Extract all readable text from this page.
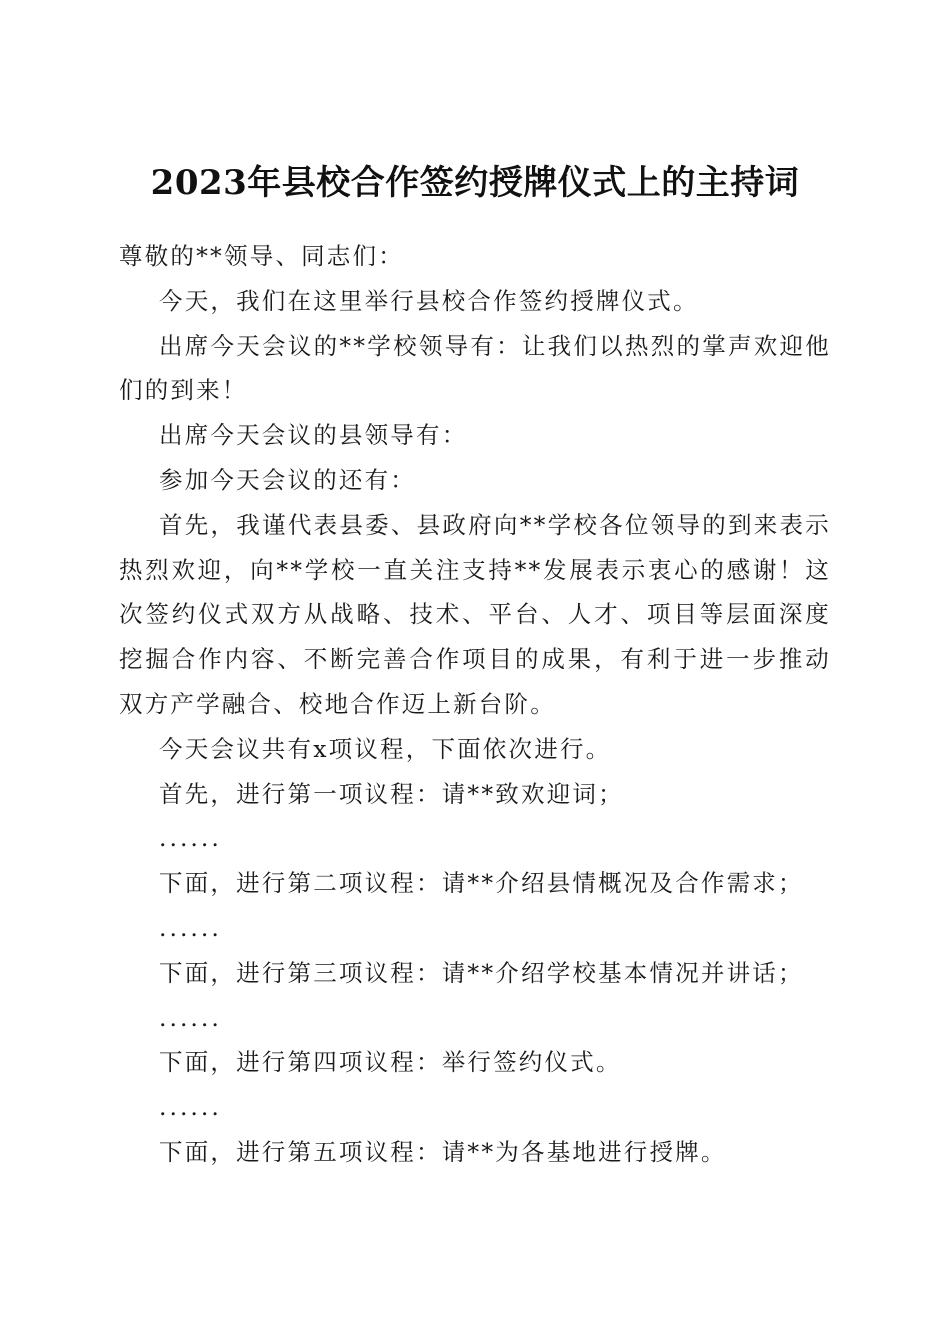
2023年县校合作签约授牌仪式上的主持词

尊敬的**领导、同志们：

今天，我们在这里举行县校合作签约授牌仪式。

出席今天会议的**学校领导有：让我们以热烈的掌声欢迎他们的到来！

出席今天会议的县领导有：

参加今天会议的还有：

首先，我谨代表县委、县政府向**学校各位领导的到来表示热烈欢迎，向**学校一直关注支持**发展表示衷心的感谢！这次签约仪式双方从战略、技术、平台、人才、项目等层面深度挖掘合作内容、不断完善合作项目的成果，有利于进一步推动双方产学融合、校地合作迈上新台阶。

今天会议共有x项议程，下面依次进行。

首先，进行第一项议程：请**致欢迎词；

......

下面，进行第二项议程：请**介绍县情概况及合作需求；

......

下面，进行第三项议程：请**介绍学校基本情况并讲话；

......

下面，进行第四项议程：举行签约仪式。

......

下面，进行第五项议程：请**为各基地进行授牌。
